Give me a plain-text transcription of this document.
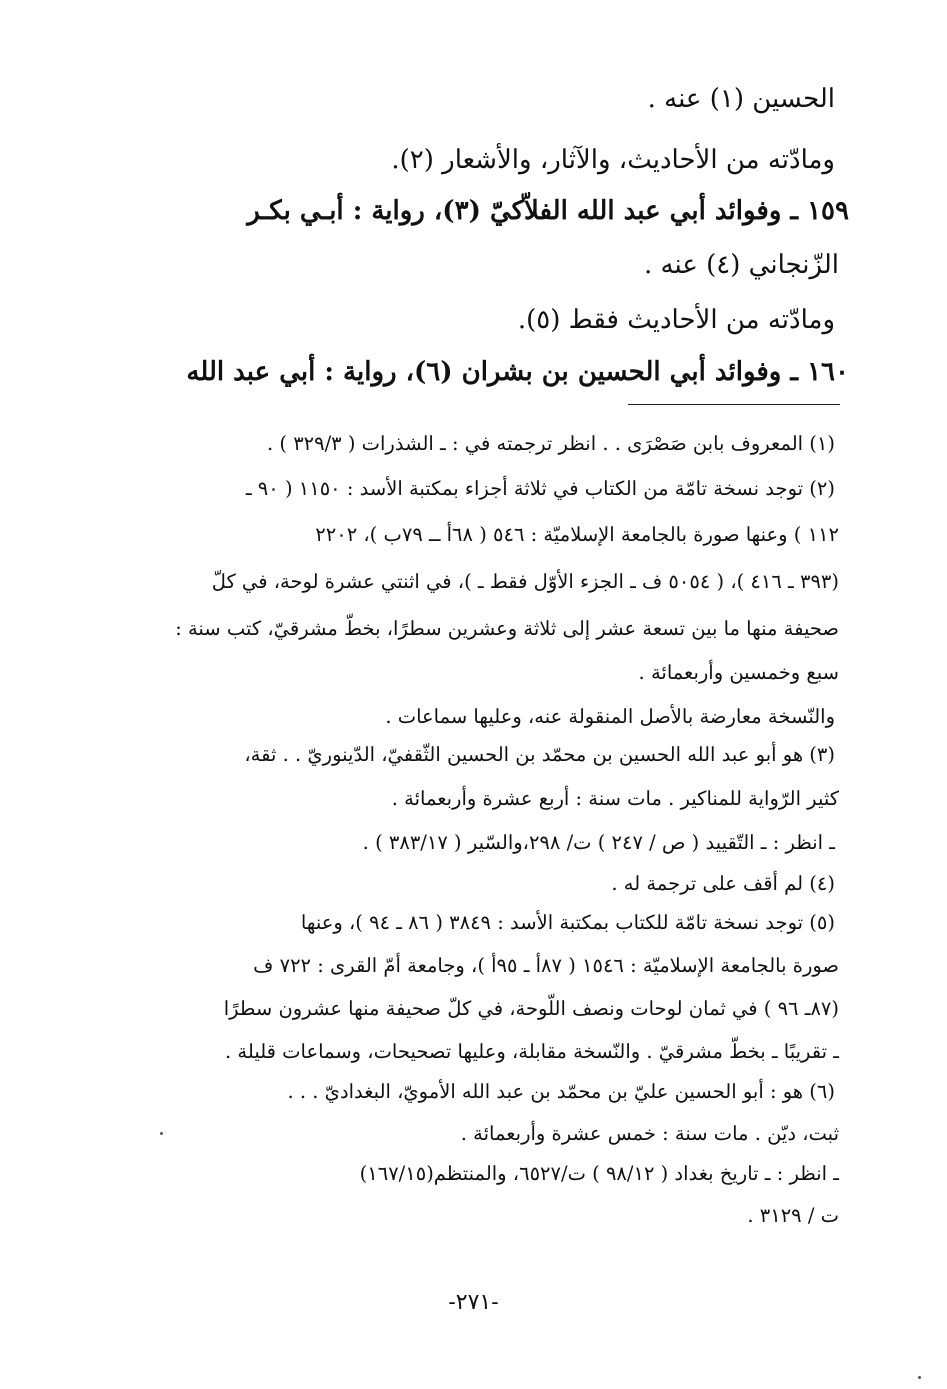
الحسين (١) عنه .

ومادّته من الأحاديث، والآثار، والأشعار (٢).

١٥٩ ـ وفوائد أبي عبد الله الفلاّكيّ (٣)، رواية : أبـي بكـر

الزّنجاني (٤) عنه .

ومادّته من الأحاديث فقط (٥).

١٦٠ ـ وفوائد أبي الحسين بن بشران (٦)، رواية : أبي عبد الله

(١) المعروف بابن صَصْرَى . . انظر ترجمته في : ـ الشذرات ( ٣٢٩/٣ ) .

(٢) توجد نسخة تامّة من الكتاب في ثلاثة أجزاء بمكتبة الأسد : ١١٥٠ ( ٩٠ ـ

١١٢ ) وعنها صورة بالجامعة الإسلاميّة : ٥٤٦ ( ٦٨أ ــ ٧٩ب )، ٢٢٠٢

(٣٩٣ ـ ٤١٦ )، ( ٥٠٥٤ ف ـ الجزء الأوّل فقط ـ )، في اثنتي عشرة لوحة، في كلّ

صحيفة منها ما بين تسعة عشر إلى ثلاثة وعشرين سطرًا، بخطّ مشرقيّ، كتب سنة :

سبع وخمسين وأربعمائة .

والنّسخة معارضة بالأصل المنقولة عنه، وعليها سماعات .

(٣) هو أبو عبد الله الحسين بن محمّد بن الحسين الثّقفيّ، الدّينوريّ . . ثقة،

كثير الرّواية للمناكير . مات سنة : أربع عشرة وأربعمائة .

ـ انظر : ـ التّقييد ( ص / ٢٤٧ ) ت/ ٢٩٨،والسّير ( ٣٨٣/١٧ ) .

(٤) لم أقف على ترجمة له .

(٥) توجد نسخة تامّة للكتاب بمكتبة الأسد : ٣٨٤٩ ( ٨٦ ـ ٩٤ )، وعنها

صورة بالجامعة الإسلاميّة : ١٥٤٦ ( ٨٧أ ـ ٩٥أ )، وجامعة أمّ القرى : ٧٢٢ ف

(٨٧ـ ٩٦ ) في ثمان لوحات ونصف اللّوحة، في كلّ صحيفة منها عشرون سطرًا

ـ تقريبًا ـ بخطّ مشرقيّ . والنّسخة مقابلة، وعليها تصحيحات، وسماعات قليلة .

(٦) هو : أبو الحسين عليّ بن محمّد بن عبد الله الأمويّ، البغداديّ . . .

ثبت، ديّن . مات سنة : خمس عشرة وأربعمائة .

ـ انظر : ـ تاريخ بغداد ( ٩٨/١٢ ) ت/٦٥٢٧، والمنتظم(١٦٧/١٥)

ت / ٣١٢٩ .

-٢٧١-
